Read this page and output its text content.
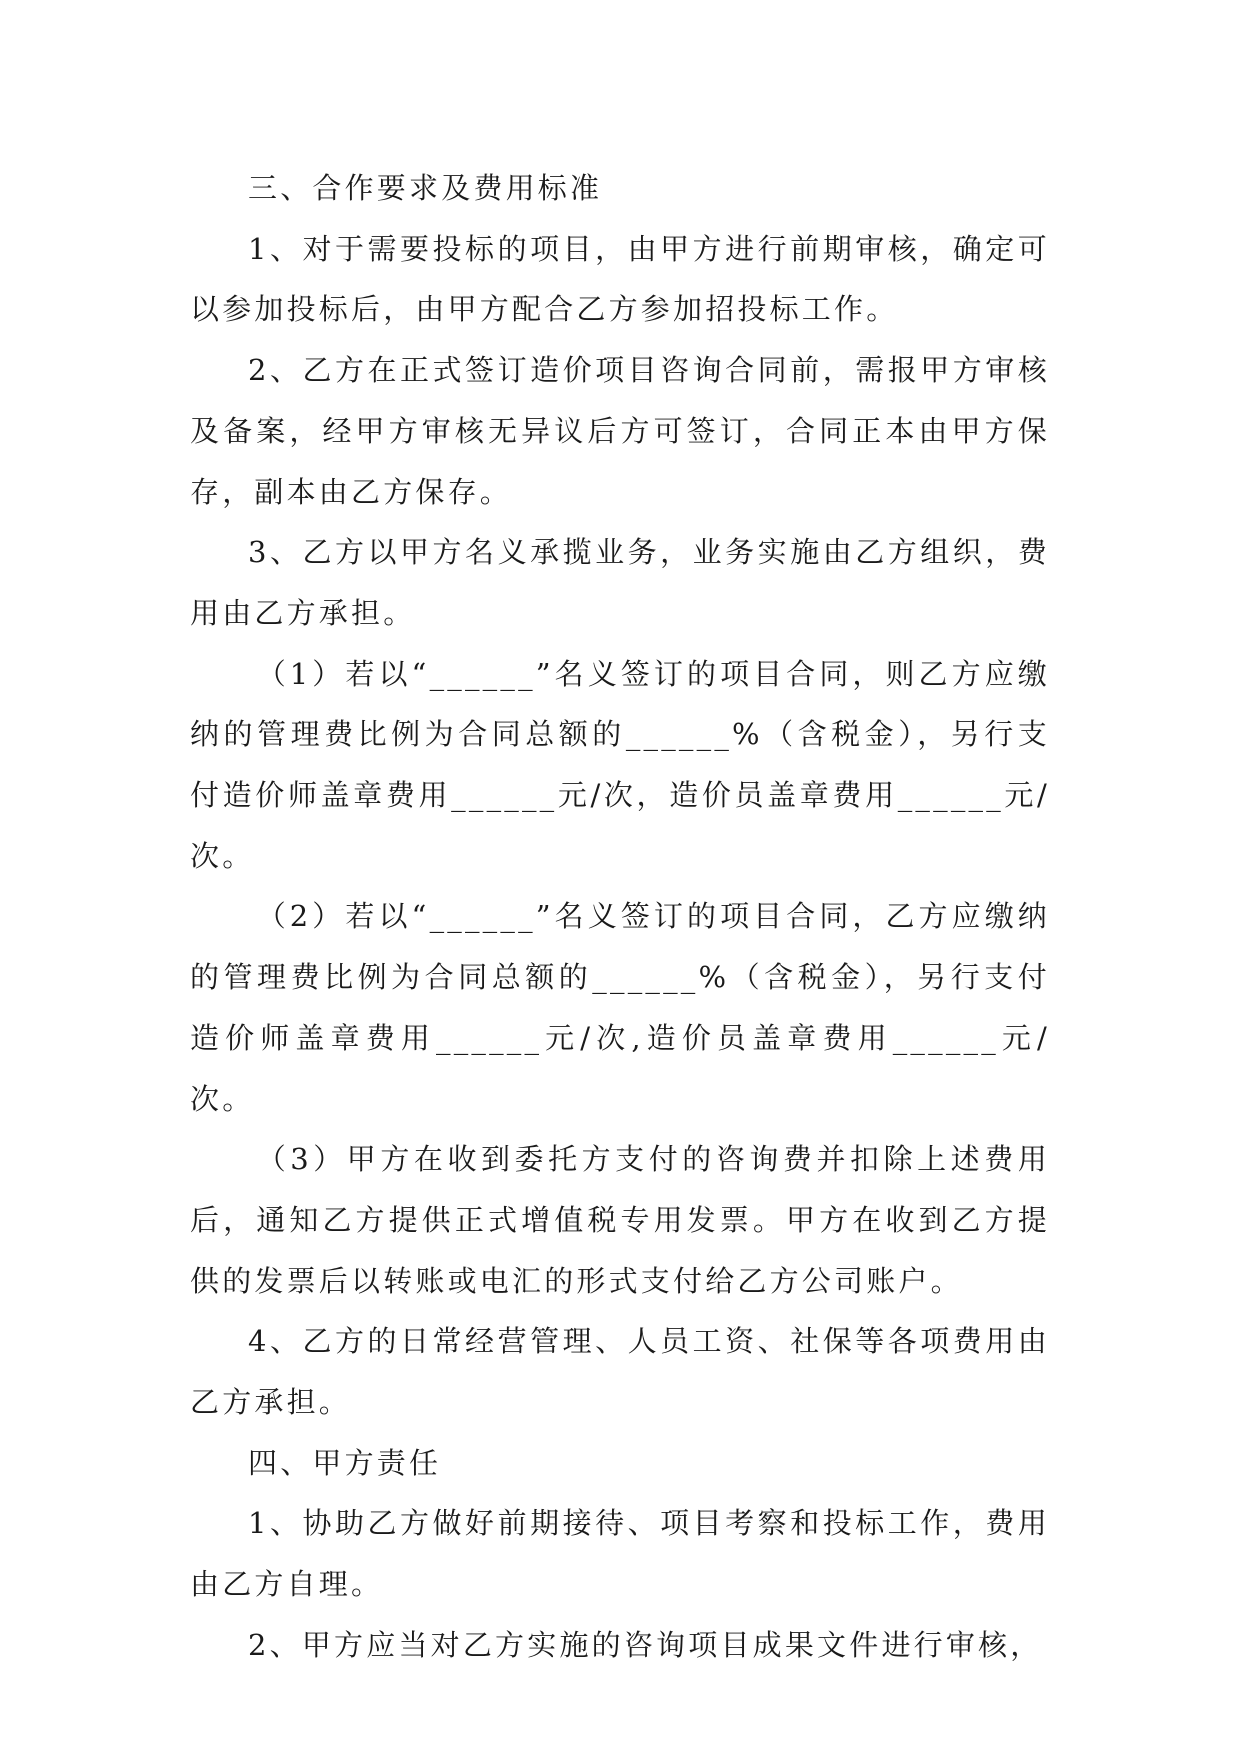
三、合作要求及费用标准

1、对于需要投标的项目，由甲方进行前期审核，确定可以参加投标后，由甲方配合乙方参加招投标工作。

2、乙方在正式签订造价项目咨询合同前，需报甲方审核及备案，经甲方审核无异议后方可签订，合同正本由甲方保存，副本由乙方保存。

3、乙方以甲方名义承揽业务，业务实施由乙方组织，费用由乙方承担。

（1）若以“______”名义签订的项目合同，则乙方应缴纳的管理费比例为合同总额的______%（含税金），另行支付造价师盖章费用______元/次，造价员盖章费用______元/次。

（2）若以“______”名义签订的项目合同，乙方应缴纳的管理费比例为合同总额的______%（含税金），另行支付造价师盖章费用______元/次,造价员盖章费用______元/次。

（3）甲方在收到委托方支付的咨询费并扣除上述费用后，通知乙方提供正式增值税专用发票。甲方在收到乙方提供的发票后以转账或电汇的形式支付给乙方公司账户。

4、乙方的日常经营管理、人员工资、社保等各项费用由乙方承担。

四、甲方责任

1、协助乙方做好前期接待、项目考察和投标工作，费用由乙方自理。

2、甲方应当对乙方实施的咨询项目成果文件进行审核，
